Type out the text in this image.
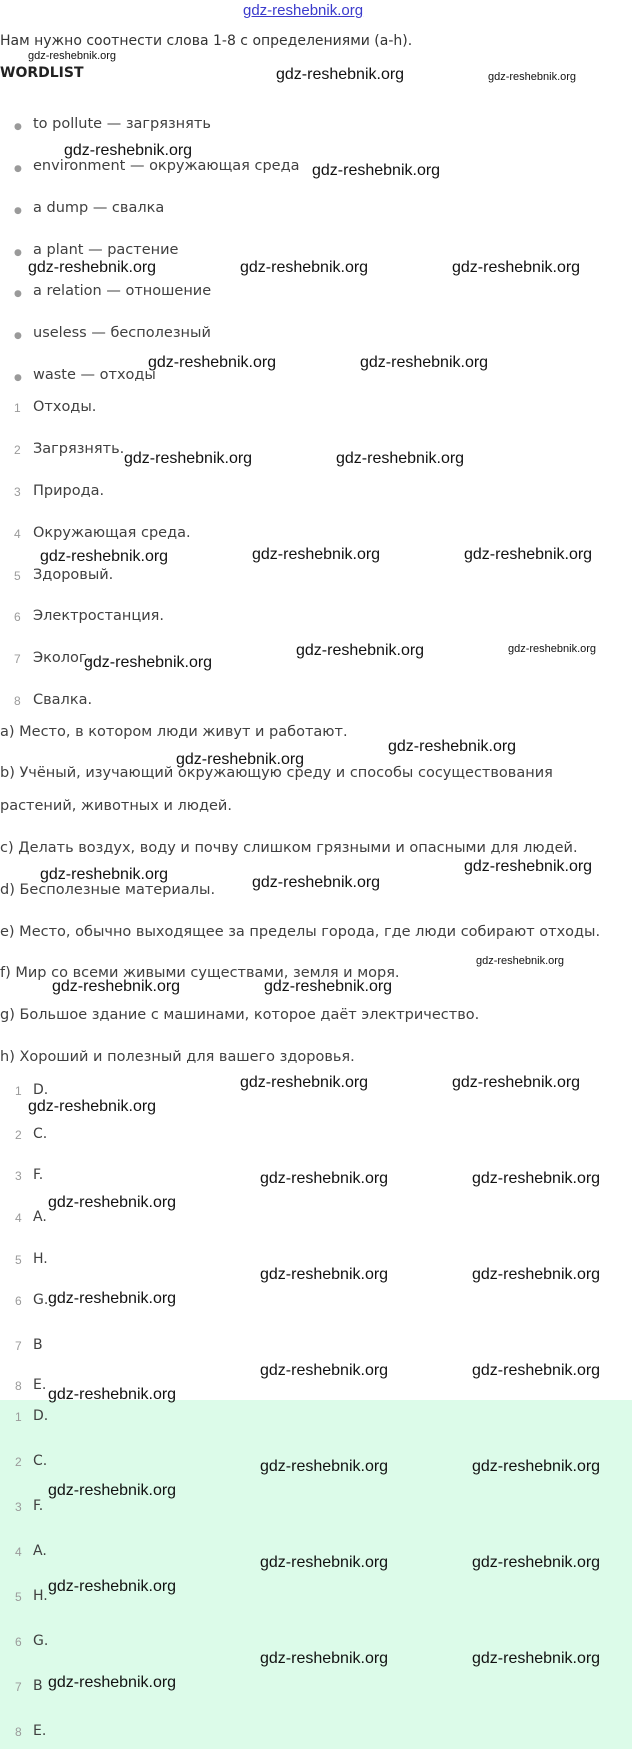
gdz-reshebnik.org
Нам нужно соотнести слова 1-8 с определениями (a-h).
WORDLIST
● to pollute — загрязнять
● environment — окружающая среда
● a dump — свалка
● a plant — растение
● a relation — отношение
● useless — бесполезный
● waste — отходы
1 Отходы.
2 Загрязнять.
3 Природа.
4 Окружающая среда.
5 Здоровый.
6 Электростанция.
7 Эколог.
8 Свалка.
a) Место, в котором люди живут и работают.
b) Учёный, изучающий окружающую среду и способы сосуществования
растений, животных и людей.
c) Делать воздух, воду и почву слишком грязными и опасными для людей.
d) Бесполезные материалы.
e) Место, обычно выходящее за пределы города, где люди собирают отходы.
f) Мир со всеми живыми существами, земля и моря.
g) Большое здание с машинами, которое даёт электричество.
h) Хороший и полезный для вашего здоровья.
1 D.
2 C.
3 F.
4 A.
5 H.
6 G.
7 B
8 E.
1 D.
2 C.
3 F.
4 A.
5 H.
6 G.
7 B
8 E.
gdz-reshebnik.org
gdz-reshebnik.org	gdz-reshebnik.org
gdz-reshebnik.org
gdz-reshebnik.org
gdz-reshebnik.org	gdz-reshebnik.org	gdz-reshebnik.org
gdz-reshebnik.org	gdz-reshebnik.org
gdz-reshebnik.org	gdz-reshebnik.org
gdz-reshebnik.org	gdz-reshebnik.org	gdz-reshebnik.org
gdz-reshebnik.org	gdz-reshebnik.org
gdz-reshebnik.org
gdz-reshebnik.org
gdz-reshebnik.org
gdz-reshebnik.org
gdz-reshebnik.org	gdz-reshebnik.org
gdz-reshebnik.org
gdz-reshebnik.org	gdz-reshebnik.org
gdz-reshebnik.org	gdz-reshebnik.org
gdz-reshebnik.org
gdz-reshebnik.org	gdz-reshebnik.org
gdz-reshebnik.org
gdz-reshebnik.org	gdz-reshebnik.org
gdz-reshebnik.org
gdz-reshebnik.org	gdz-reshebnik.org
gdz-reshebnik.org
gdz-reshebnik.org	gdz-reshebnik.org
gdz-reshebnik.org
gdz-reshebnik.org	gdz-reshebnik.org
gdz-reshebnik.org
gdz-reshebnik.org	gdz-reshebnik.org
gdz-reshebnik.org
